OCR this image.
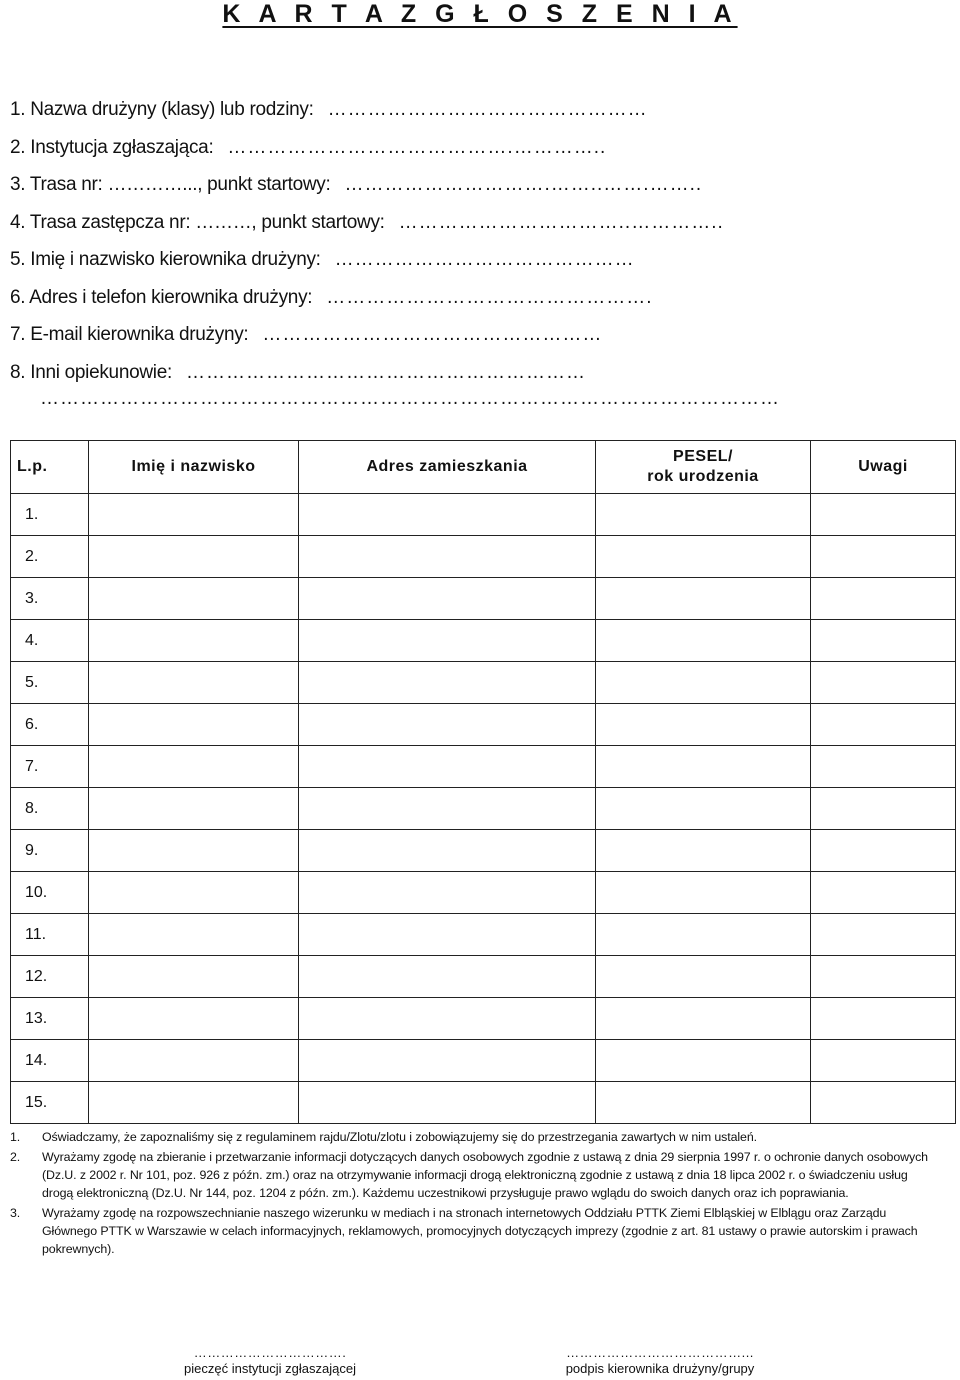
K A R T A Z G Ł O S Z E N I A
1. Nazwa drużyny (klasy) lub rodziny: …………………………………………
2. Instytucja zgłaszająca: …………………………………….…………..
3. Trasa nr: …………..., punkt startowy: ………………………….……..…….……..
4. Trasa zastępcza nr: ………, punkt startowy: ……………………………..…………..
5. Imię i nazwisko kierownika drużyny: ………………………………………
6. Adres i telefon kierownika drużyny: ………………………………………….
7. E-mail kierownika drużyny: ……………………………………………
8. Inni opiekunowie: ……………………………………………………
…………………………………………………………………………………………………
L.p.	Imię i nazwisko	Adres zamieszkania	PESEL/
rok urodzenia	Uwagi
1.				
2.				
3.				
4.				
5.				
6.				
7.				
8.				
9.				
10.				
11.				
12.				
13.				
14.				
15.				
1. Oświadczamy, że zapoznaliśmy się z regulaminem rajdu/Zlotu/zlotu i zobowiązujemy się do przestrzegania zawartych w nim ustaleń.
2. Wyrażamy zgodę na zbieranie i przetwarzanie informacji dotyczących danych osobowych zgodnie z ustawą z dnia 29 sierpnia 1997 r. o ochronie danych osobowych (Dz.U. z 2002 r. Nr 101, poz. 926 z późn. zm.) oraz na otrzymywanie informacji drogą elektroniczną zgodnie z ustawą z dnia 18 lipca 2002 r. o świadczeniu usług drogą elektroniczną (Dz.U. Nr 144, poz. 1204 z późn. zm.). Każdemu uczestnikowi przysługuje prawo wglądu do swoich danych oraz ich poprawiania.
3. Wyrażamy zgodę na rozpowszechnianie naszego wizerunku w mediach i na stronach internetowych Oddziału PTTK Ziemi Elbląskiej w Elblągu oraz Zarządu Głównego PTTK w Warszawie w celach informacyjnych, reklamowych, promocyjnych dotyczących imprezy (zgodnie z art. 81 ustawy o prawie autorskim i prawach pokrewnych).
…………………………….
pieczęć instytucji zgłaszającej
…………………………………...
podpis kierownika drużyny/grupy
